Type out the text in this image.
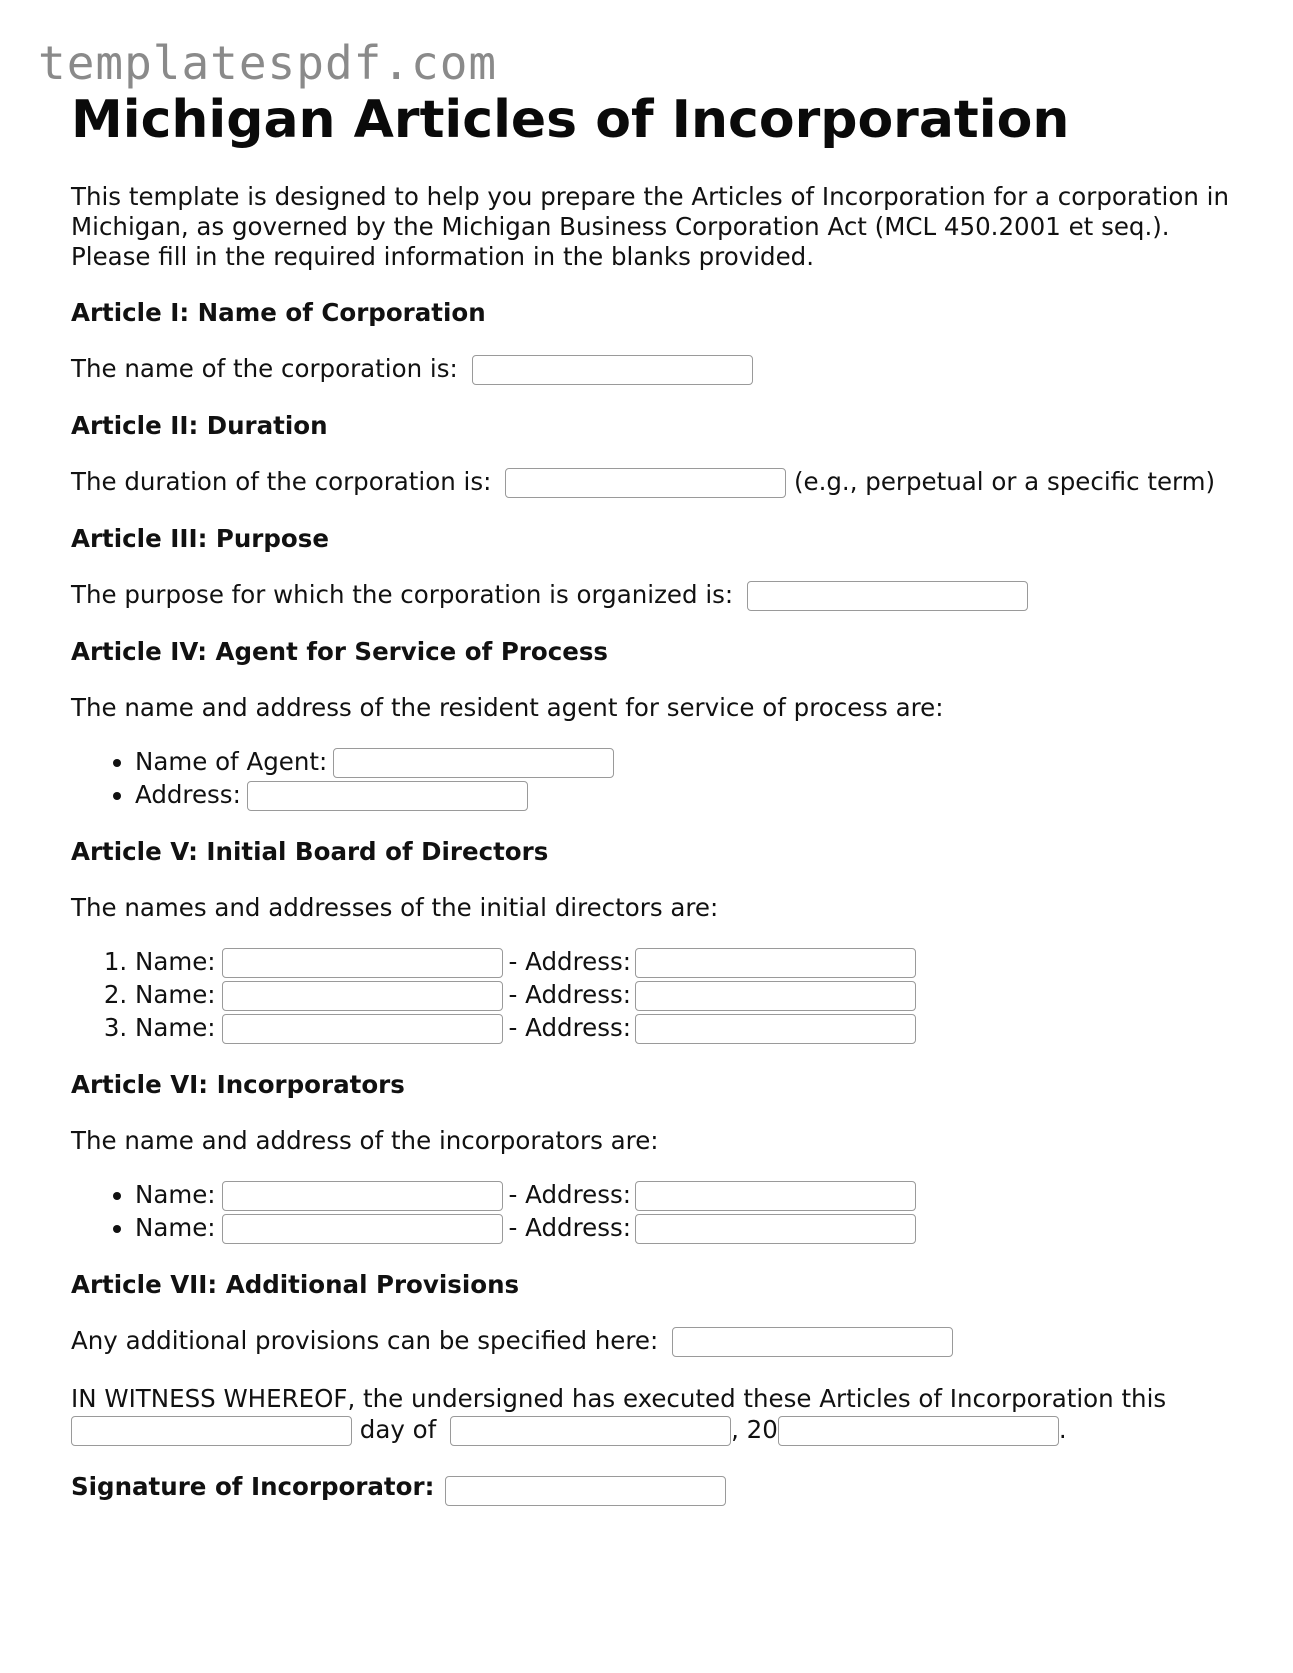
templatespdf.com
Michigan Articles of Incorporation

This template is designed to help you prepare the Articles of Incorporation for a corporation in Michigan, as governed by the Michigan Business Corporation Act (MCL 450.2001 et seq.). Please fill in the required information in the blanks provided.

Article I: Name of Corporation

The name of the corporation is:

Article II: Duration

The duration of the corporation is:	(e.g., perpetual or a specific term)

Article III: Purpose

The purpose for which the corporation is organized is:

Article IV: Agent for Service of Process

The name and address of the resident agent for service of process are:

• Name of Agent:
• Address:
Article V: Initial Board of Directors

The names and addresses of the initial directors are:

1. Name:	- Address:
2. Name:	- Address:
3. Name:	- Address:
Article VI: Incorporators

The name and address of the incorporators are:

• Name:	- Address:
• Name:	- Address:
Article VII: Additional Provisions

Any additional provisions can be specified here:

IN WITNESS WHEREOF, the undersigned has executed these Articles of Incorporation this
day of	, 20	.

Signature of Incorporator:
